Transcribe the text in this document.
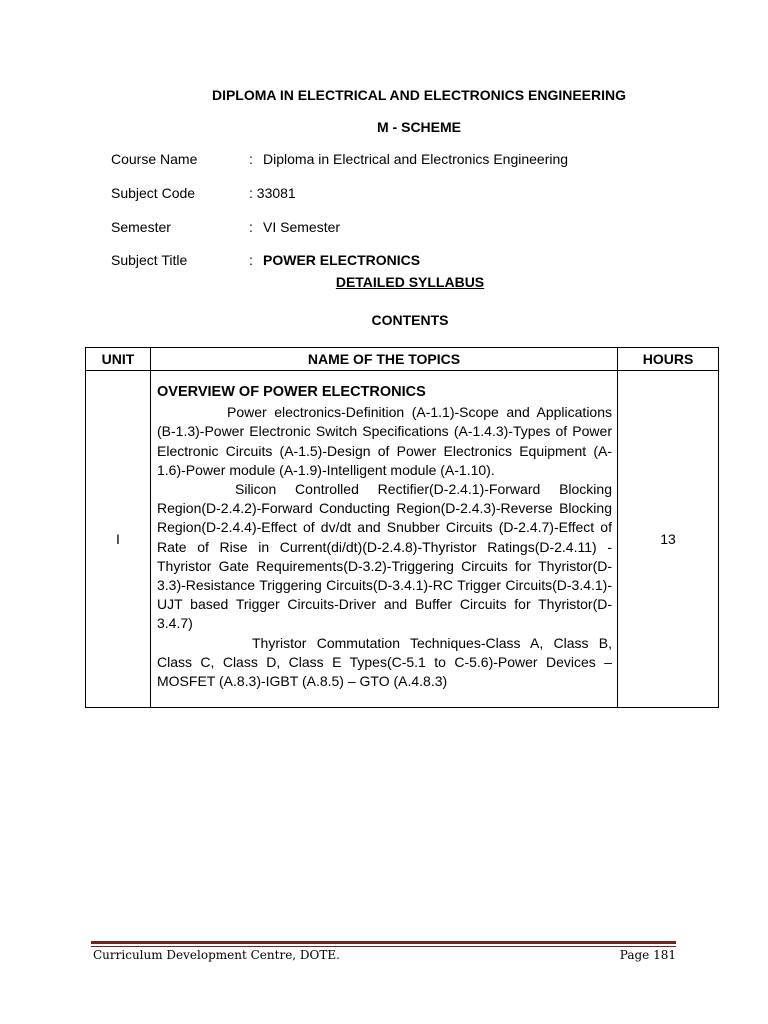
DIPLOMA IN ELECTRICAL AND ELECTRONICS ENGINEERING
M - SCHEME
Course Name	: Diploma in Electrical and Electronics Engineering
Subject Code	: 33081
Semester	: VI Semester
Subject Title	: POWER ELECTRONICS
DETAILED SYLLABUS
CONTENTS
UNIT	NAME OF THE TOPICS	HOURS
I	OVERVIEW OF POWER ELECTRONICS

Power electronics-Definition (A-1.1)-Scope and Applications (B-1.3)-Power Electronic Switch Specifications (A-1.4.3)-Types of Power Electronic Circuits (A-1.5)-Design of Power Electronics Equipment (A-1.6)-Power module (A-1.9)-Intelligent module (A-1.10).

Silicon Controlled Rectifier(D-2.4.1)-Forward Blocking Region(D-2.4.2)-Forward Conducting Region(D-2.4.3)-Reverse Blocking Region(D-2.4.4)-Effect of dv/dt and Snubber Circuits (D-2.4.7)-Effect of Rate of Rise in Current(di/dt)(D-2.4.8)-Thyristor Ratings(D-2.4.11) -Thyristor Gate Requirements(D-3.2)-Triggering Circuits for Thyristor(D-3.3)-Resistance Triggering Circuits(D-3.4.1)-RC Trigger Circuits(D-3.4.1)-UJT based Trigger Circuits-Driver and Buffer Circuits for Thyristor(D-3.4.7)

Thyristor Commutation Techniques-Class A, Class B, Class C, Class D, Class E Types(C-5.1 to C-5.6)-Power Devices – MOSFET (A.8.3)-IGBT (A.8.5) – GTO (A.4.8.3)	13
Curriculum Development Centre, DOTE.	Page 181
